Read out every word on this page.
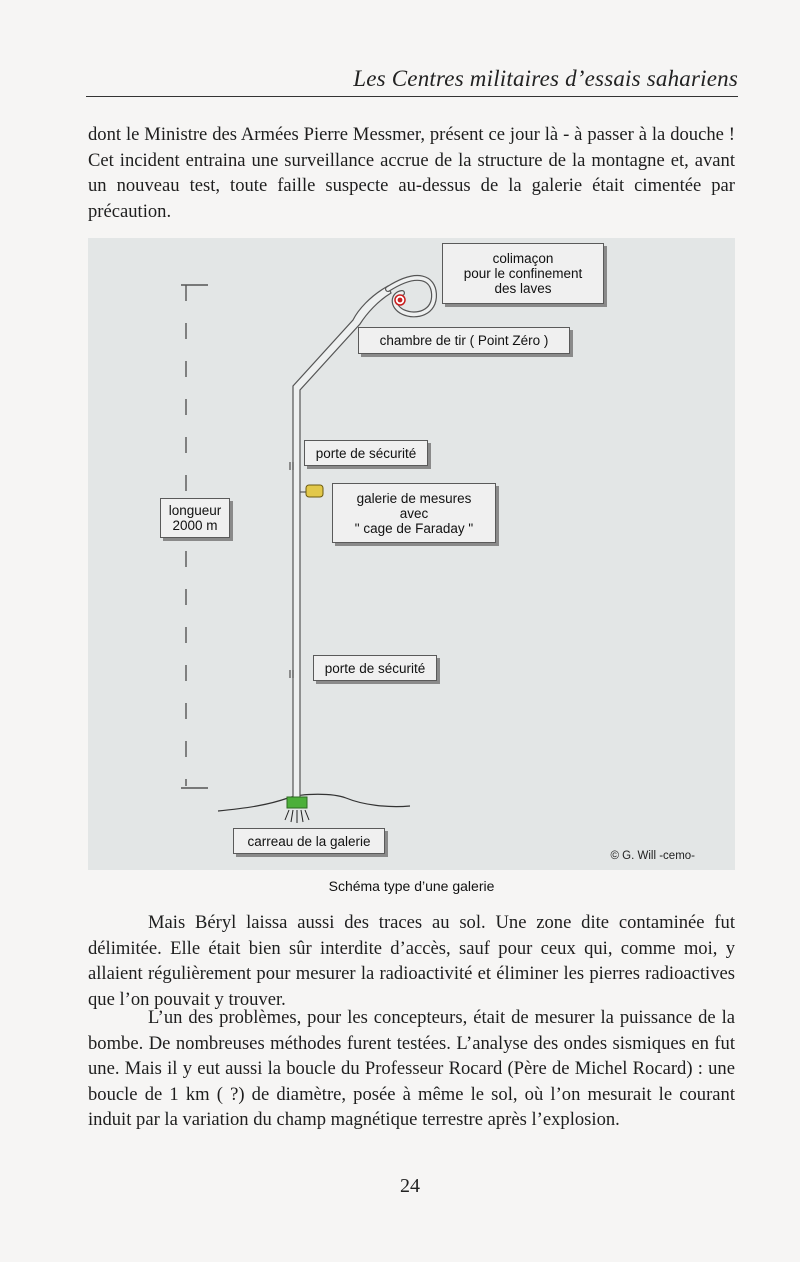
Les Centres militaires d’essais sahariens

dont le Ministre des Armées Pierre Messmer, présent ce jour là - à passer à la douche ! Cet incident entraina une surveillance accrue de la structure de la montagne et, avant un nouveau test, toute faille suspecte au-dessus de la galerie était cimentée par précaution.

colimaçon
pour le confinement
des laves
chambre de tir ( Point Zéro )
porte de sécurité
galerie de mesures
avec
" cage de Faraday "
longueur
2000 m
porte de sécurité
carreau de la galerie
© G. Will -cemo-
Schéma type d’une galerie

Mais Béryl laissa aussi des traces au sol. Une zone dite contaminée fut délimitée. Elle était bien sûr interdite d’accès, sauf pour ceux qui, comme moi, y allaient régulièrement pour mesurer la radioactivité et éliminer les pierres radioactives que l’on pouvait y trouver.

L’un des problèmes, pour les concepteurs, était de mesurer la puissance de la bombe. De nombreuses méthodes furent testées. L’analyse des ondes sismiques en fut une. Mais il y eut aussi la boucle du Professeur Rocard (Père de Michel Rocard) : une boucle de 1 km ( ?) de diamètre, posée à même le sol, où l’on mesurait le courant induit par la variation du champ magnétique terrestre après l’explosion.

24
